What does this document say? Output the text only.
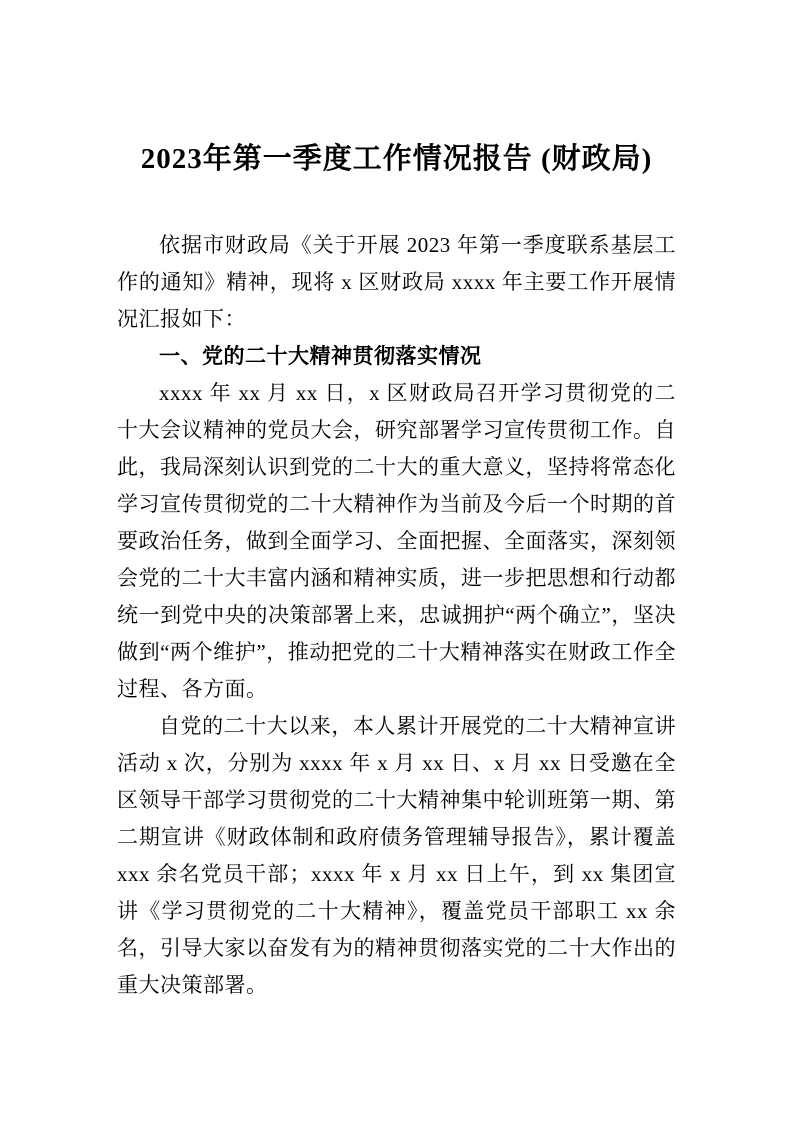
2023年第一季度工作情况报告 (财政局)

依据市财政局《关于开展 2023 年第一季度联系基层工作的通知》精神，现将 x 区财政局 xxxx 年主要工作开展情况汇报如下：

一、党的二十大精神贯彻落实情况

xxxx 年 xx 月 xx 日，x 区财政局召开学习贯彻党的二十大会议精神的党员大会，研究部署学习宣传贯彻工作。自此，我局深刻认识到党的二十大的重大意义，坚持将常态化学习宣传贯彻党的二十大精神作为当前及今后一个时期的首要政治任务，做到全面学习、全面把握、全面落实，深刻领会党的二十大丰富内涵和精神实质，进一步把思想和行动都统一到党中央的决策部署上来，忠诚拥护“两个确立”，坚决做到“两个维护”，推动把党的二十大精神落实在财政工作全过程、各方面。

自党的二十大以来，本人累计开展党的二十大精神宣讲活动 x 次，分别为 xxxx 年 x 月 xx 日、x 月 xx 日受邀在全区领导干部学习贯彻党的二十大精神集中轮训班第一期、第二期宣讲《财政体制和政府债务管理辅导报告》，累计覆盖 xxx 余名党员干部；xxxx 年 x 月 xx 日上午，到 xx 集团宣讲《学习贯彻党的二十大精神》，覆盖党员干部职工 xx 余名，引导大家以奋发有为的精神贯彻落实党的二十大作出的重大决策部署。
